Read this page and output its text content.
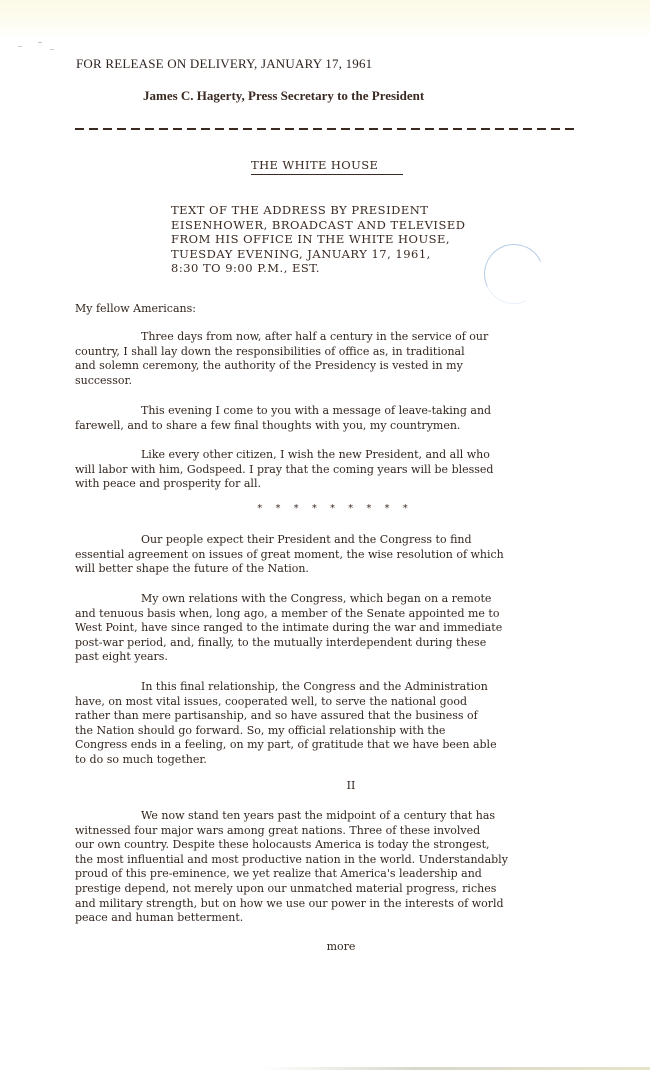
FOR RELEASE ON DELIVERY, JANUARY 17, 1961
James C. Hagerty, Press Secretary to the President
THE WHITE HOUSE
TEXT OF THE ADDRESS BY PRESIDENT
EISENHOWER, BROADCAST AND TELEVISED
FROM HIS OFFICE IN THE WHITE HOUSE,
TUESDAY EVENING, JANUARY 17, 1961,
8:30 TO 9:00 P.M., EST.
My fellow Americans:
Three days from now, after half a century in the service of our
country, I shall lay down the responsibilities of office as, in traditional
and solemn ceremony, the authority of the Presidency is vested in my
successor.
This evening I come to you with a message of leave-taking and
farewell, and to share a few final thoughts with you, my countrymen.
Like every other citizen, I wish the new President, and all who
will labor with him, Godspeed. I pray that the coming years will be blessed
with peace and prosperity for all.
* * * * * * * * *
Our people expect their President and the Congress to find
essential agreement on issues of great moment, the wise resolution of which
will better shape the future of the Nation.
My own relations with the Congress, which began on a remote
and tenuous basis when, long ago, a member of the Senate appointed me to
West Point, have since ranged to the intimate during the war and immediate
post-war period, and, finally, to the mutually interdependent during these
past eight years.
In this final relationship, the Congress and the Administration
have, on most vital issues, cooperated well, to serve the national good
rather than mere partisanship, and so have assured that the business of
the Nation should go forward. So, my official relationship with the
Congress ends in a feeling, on my part, of gratitude that we have been able
to do so much together.
II
We now stand ten years past the midpoint of a century that has
witnessed four major wars among great nations. Three of these involved
our own country. Despite these holocausts America is today the strongest,
the most influential and most productive nation in the world. Understandably
proud of this pre-eminence, we yet realize that America's leadership and
prestige depend, not merely upon our unmatched material progress, riches
and military strength, but on how we use our power in the interests of world
peace and human betterment.
more
